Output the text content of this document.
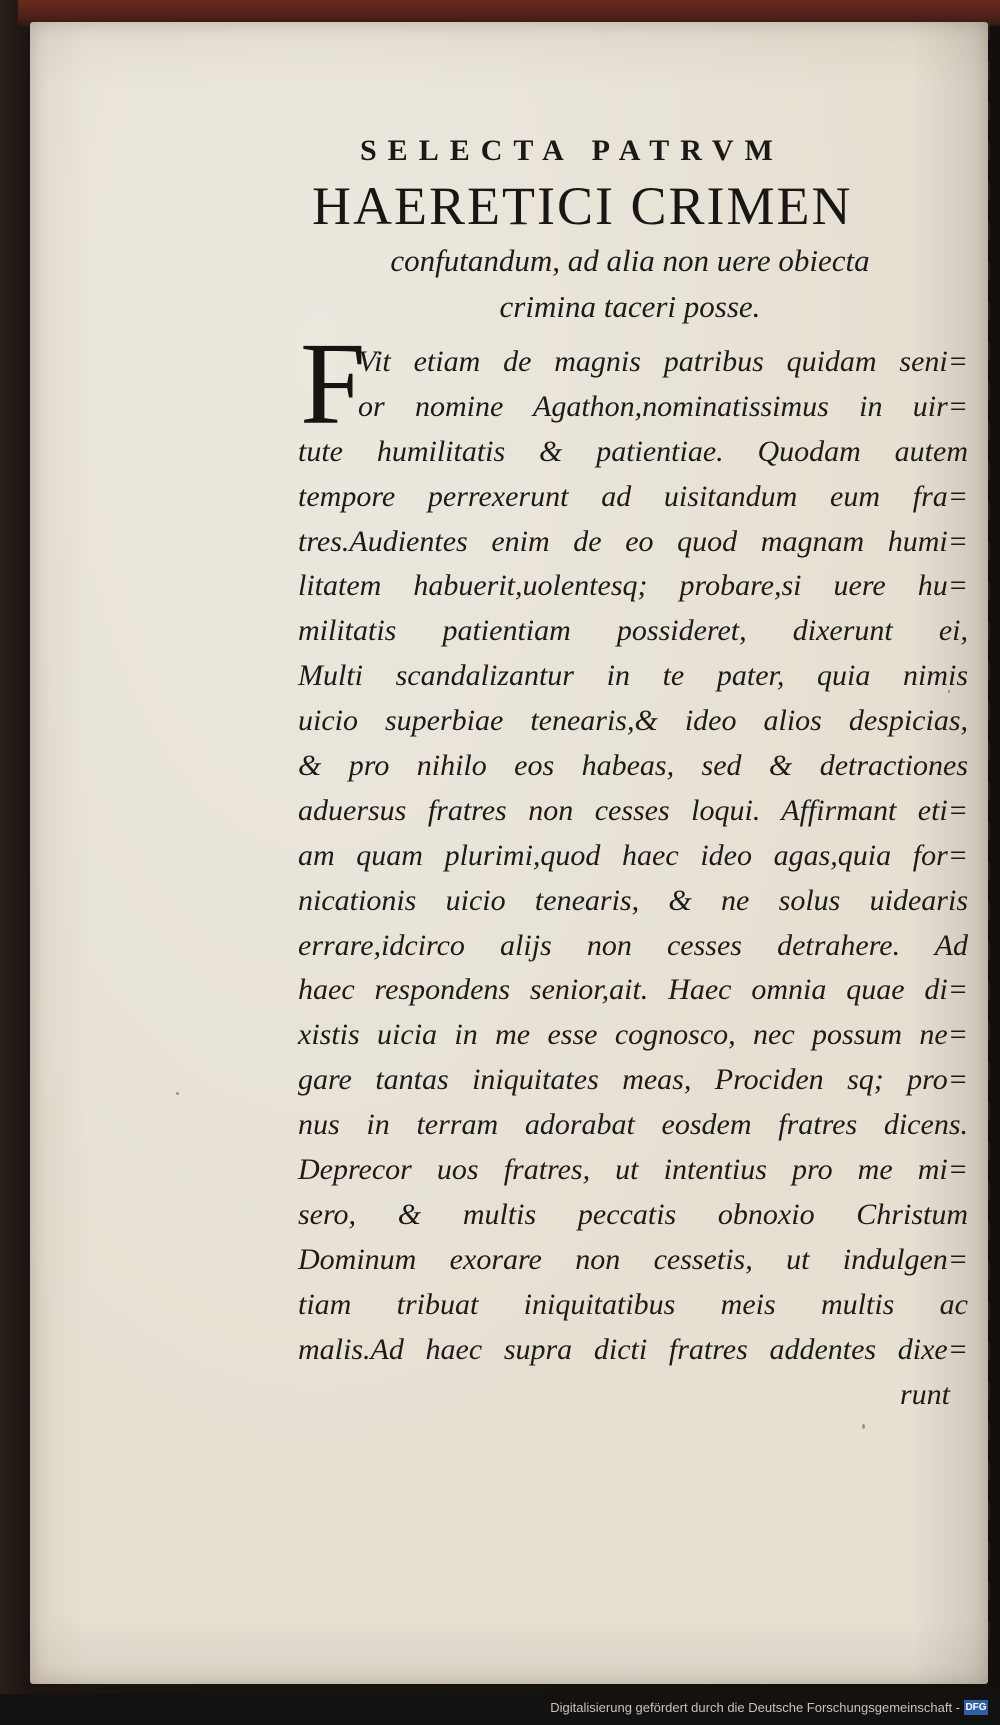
SELECTA PATRVM
HAERETICI CRIMEN
confutandum, ad alia non uere obiecta
crimina taceri posse.
F
Vit etiam de magnis patribus quidam seni=
or nomine Agathon,nominatissimus in uir=
tute humilitatis & patientiae. Quodam autem
tempore perrexerunt ad uisitandum eum fra=
tres.Audientes enim de eo quod magnam humi=
litatem habuerit,uolentesq; probare,si uere hu=
militatis patientiam possideret, dixerunt ei,
Multi scandalizantur in te pater, quia nimis
uicio superbiae tenearis,& ideo alios despicias,
& pro nihilo eos habeas, sed & detractiones
aduersus fratres non cesses loqui. Affirmant eti=
am quam plurimi,quod haec ideo agas,quia for=
nicationis uicio tenearis, & ne solus uidearis
errare,idcirco alijs non cesses detrahere. Ad
haec respondens senior,ait. Haec omnia quae di=
xistis uicia in me esse cognosco, nec possum ne=
gare tantas iniquitates meas, Prociden sq; pro=
nus in terram adorabat eosdem fratres dicens.
Deprecor uos fratres, ut intentius pro me mi=
sero, & multis peccatis obnoxio Christum
Dominum exorare non cessetis, ut indulgen=
tiam tribuat iniquitatibus meis multis ac
malis.Ad haec supra dicti fratres addentes dixe=
runt
Digitalisierung gefördert durch die Deutsche Forschungsgemeinschaft - DFG
